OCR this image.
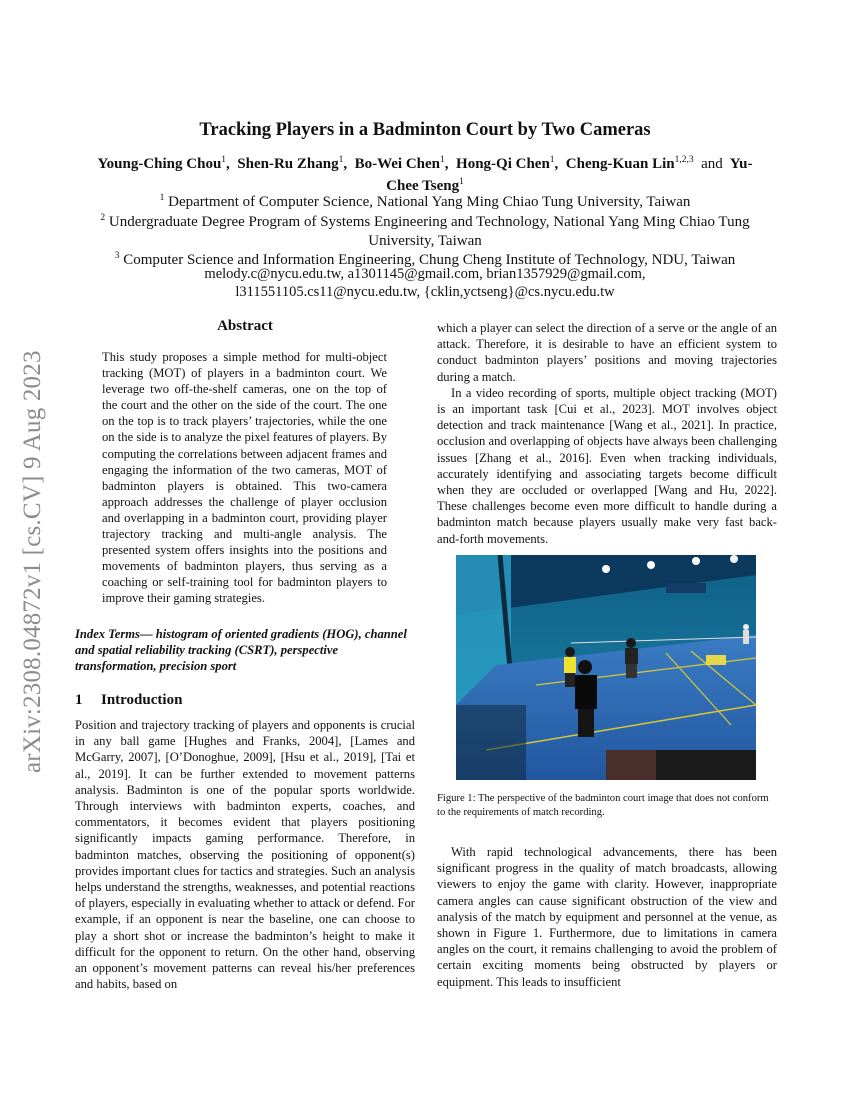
arXiv:2308.04872v1 [cs.CV] 9 Aug 2023
Tracking Players in a Badminton Court by Two Cameras
Young-Ching Chou$^1$,  Shen-Ru Zhang$^1$,  Bo-Wei Chen$^1$,  Hong-Qi Chen$^1$,  Cheng-Kuan Lin$^{1,2,3}$ and Yu-Chee Tseng$^1$
$^1$ Department of Computer Science, National Yang Ming Chiao Tung University, Taiwan
$^2$ Undergraduate Degree Program of Systems Engineering and Technology, National Yang Ming Chiao Tung University, Taiwan
$^3$ Computer Science and Information Engineering, Chung Cheng Institute of Technology, NDU, Taiwan
melody.c@nycu.edu.tw, a1301145@gmail.com, brian1357929@gmail.com,
l311551105.cs11@nycu.edu.tw, {cklin,yctseng}@cs.nycu.edu.tw
Abstract
This study proposes a simple method for multi-object tracking (MOT) of players in a badminton court. We leverage two off-the-shelf cameras, one on the top of the court and the other on the side of the court. The one on the top is to track players’ trajectories, while the one on the side is to analyze the pixel features of players. By computing the correlations between adjacent frames and engaging the information of the two cameras, MOT of badminton players is obtained. This two-camera approach addresses the challenge of player occlusion and overlapping in a badminton court, providing player trajectory tracking and multi-angle analysis. The presented system offers insights into the positions and movements of badminton players, thus serving as a coaching or self-training tool for badminton players to improve their gaming strategies.
Index Terms— histogram of oriented gradients (HOG), channel and spatial reliability tracking (CSRT), perspective transformation, precision sport
1 Introduction

Position and trajectory tracking of players and opponents is crucial in any ball game [Hughes and Franks, 2004], [Lames and McGarry, 2007], [O’Donoghue, 2009], [Hsu et al., 2019], [Tai et al., 2019]. It can be further extended to movement patterns analysis. Badminton is one of the popular sports worldwide. Through interviews with badminton experts, coaches, and commentators, it becomes evident that players positioning significantly impacts gaming performance. Therefore, in badminton matches, observing the positioning of opponent(s) provides important clues for tactics and strategies. Such an analysis helps understand the strengths, weaknesses, and potential reactions of players, especially in evaluating whether to attack or defend. For example, if an opponent is near the baseline, one can choose to play a short shot or increase the badminton’s height to make it difficult for the opponent to return. On the other hand, observing an opponent’s movement patterns can reveal his/her preferences and habits, based on

which a player can select the direction of a serve or the angle of an attack. Therefore, it is desirable to have an efficient system to conduct badminton players’ positions and moving trajectories during a match.

In a video recording of sports, multiple object tracking (MOT) is an important task [Cui et al., 2023]. MOT involves object detection and track maintenance [Wang et al., 2021]. In practice, occlusion and overlapping of objects have always been challenging issues [Zhang et al., 2016]. Even when tracking individuals, accurately identifying and associating targets become difficult when they are occluded or overlapped [Wang and Hu, 2022]. These challenges become even more difficult to handle during a badminton match because players usually make very fast back-and-forth movements.

Figure 1: The perspective of the badminton court image that does not conform to the requirements of match recording.

With rapid technological advancements, there has been significant progress in the quality of match broadcasts, allowing viewers to enjoy the game with clarity. However, inappropriate camera angles can cause significant obstruction of the view and analysis of the match by equipment and personnel at the venue, as shown in Figure 1. Furthermore, due to limitations in camera angles on the court, it remains challenging to avoid the problem of certain exciting moments being obstructed by players or equipment. This leads to insufficient
